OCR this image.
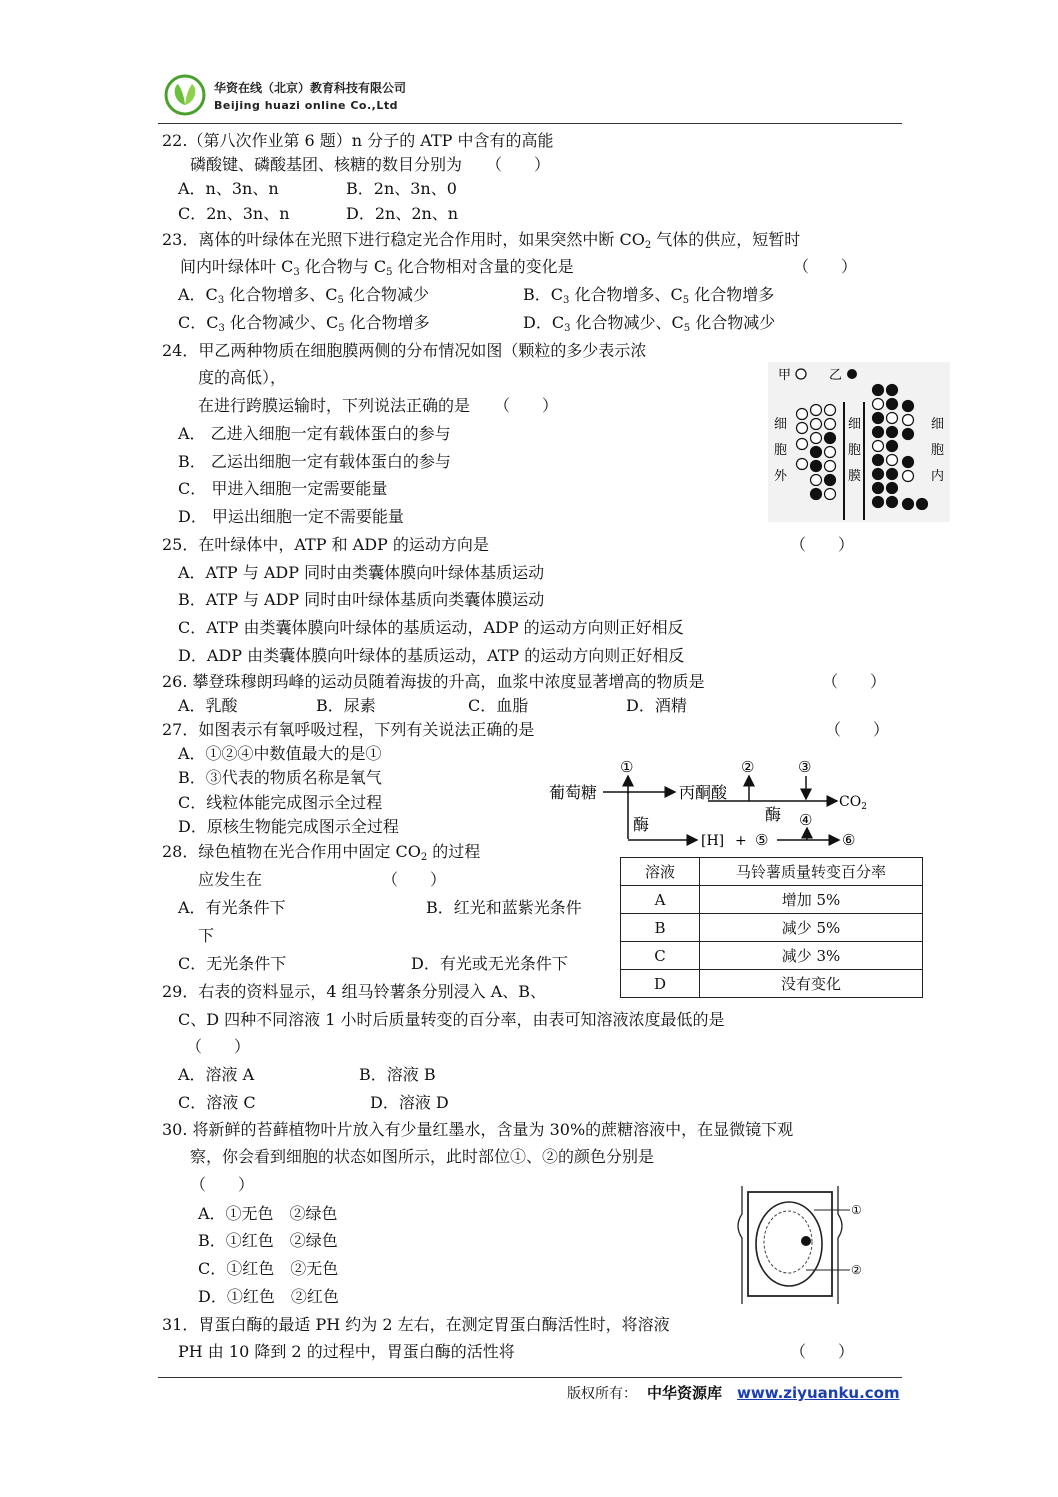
华资在线（北京）教育科技有限公司
Beijing huazi online Co.,Ltd
22.（第八次作业第 6 题）n 分子的 ATP 中含有的高能
磷酸键、磷酸基团、核糖的数目分别为　　（　　）
A．n、3n、n	B．2n、3n、0
C．2n、3n、n	D．2n、2n、n
23．离体的叶绿体在光照下进行稳定光合作用时，如果突然中断 $CO_2$ 气体的供应，短暂时
间内叶绿体叶 $C_3$ 化合物与 $C_5$ 化合物相对含量的变化是	（　　）
A．$C_3$ 化合物增多、$C_5$ 化合物减少	B．$C_3$ 化合物增多、$C_5$ 化合物增多
C．$C_3$ 化合物减少、$C_5$ 化合物增多	D．$C_3$ 化合物减少、$C_5$ 化合物减少
24．甲乙两种物质在细胞膜两侧的分布情况如图（颗粒的多少表示浓
度的高低），
在进行跨膜运输时，下列说法正确的是　　（　　）
A． 乙进入细胞一定有载体蛋白的参与
B． 乙运出细胞一定有载体蛋白的参与
C． 甲进入细胞一定需要能量
D． 甲运出细胞一定不需要能量
甲	乙
细
胞
外
细
胞
膜
细
胞
内
25．在叶绿体中，ATP 和 ADP 的运动方向是	（　　）
A．ATP 与 ADP 同时由类囊体膜向叶绿体基质运动
B．ATP 与 ADP 同时由叶绿体基质向类囊体膜运动
C．ATP 由类囊体膜向叶绿体的基质运动，ADP 的运动方向则正好相反
D．ADP 由类囊体膜向叶绿体的基质运动，ATP 的运动方向则正好相反
26. 攀登珠穆朗玛峰的运动员随着海拔的升高，血浆中浓度显著增高的物质是	（　　）
A．乳酸	B．尿素	C．血脂	D．酒精
27．如图表示有氧呼吸过程，下列有关说法正确的是	（　　）
A．①②④中数值最大的是①
B．③代表的物质名称是氧气
C．线粒体能完成图示全过程
D．原核生物能完成图示全过程
葡萄糖
①
丙酮酸
②	③
酶
$CO_2$
酶
[H] + ⑤	⑥
④
28．绿色植物在光合作用中固定 $CO_2$ 的过程
应发生在　　　　　　　　（　　）
A．有光条件下	B．红光和蓝紫光条件
下
C．无光条件下	D．有光或无光条件下
溶液	马铃薯质量转变百分率
A	增加 5%
B	减少 5%
C	减少 3%
D	没有变化
29．右表的资料显示，4 组马铃薯条分别浸入 A、B、
C、D 四种不同溶液 1 小时后质量转变的百分率，由表可知溶液浓度最低的是
（　　）
A．溶液 A	B．溶液 B
C．溶液 C	D．溶液 D
30. 将新鲜的苔藓植物叶片放入有少量红墨水，含量为 30%的蔗糖溶液中，在显微镜下观
察，你会看到细胞的状态如图所示，此时部位①、②的颜色分别是
（　　）
A．①无色　②绿色
B．①红色　②绿色
C．①红色　②无色
D．①红色　②红色
①
②
31．胃蛋白酶的最适 PH 约为 2 左右，在测定胃蛋白酶活性时，将溶液
PH 由 10 降到 2 的过程中，胃蛋白酶的活性将	（　　）
版权所有： 中华资源库 www.ziyuanku.com
